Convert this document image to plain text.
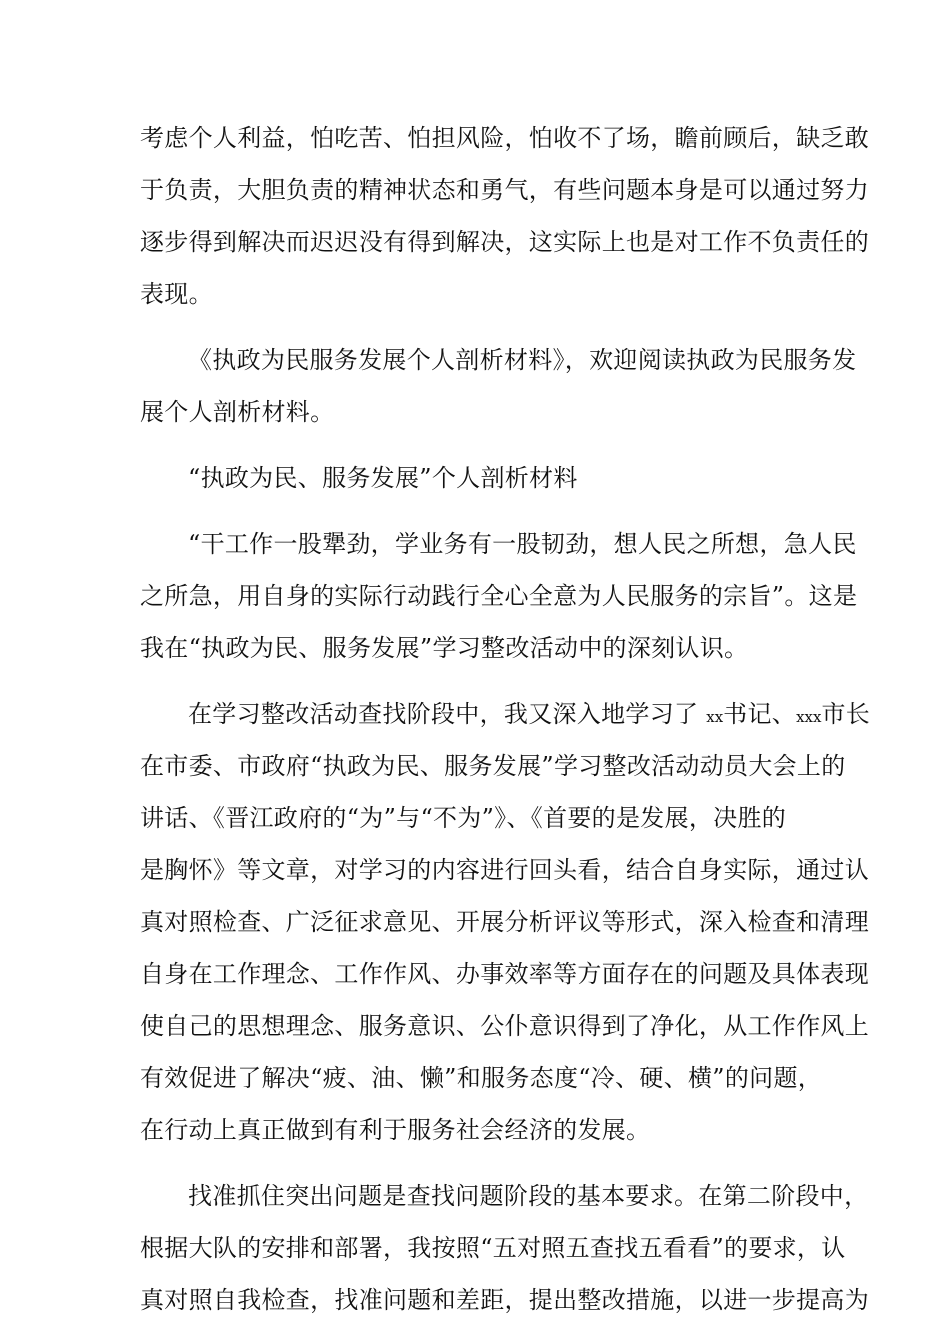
考虑个人利益，怕吃苦、怕担风险，怕收不了场，瞻前顾后，缺乏敢
于负责，大胆负责的精神状态和勇气，有些问题本身是可以通过努力
逐步得到解决而迟迟没有得到解决，这实际上也是对工作不负责任的
表现。
《执政为民服务发展个人剖析材料》，欢迎阅读执政为民服务发
展个人剖析材料。
“执政为民、服务发展”个人剖析材料
“干工作一股犟劲，学业务有一股韧劲，想人民之所想，急人民
之所急，用自身的实际行动践行全心全意为人民服务的宗旨”。这是
我在“执政为民、服务发展”学习整改活动中的深刻认识。
在学习整改活动查找阶段中，我又深入地学习了 xx书记、xxx市长
在市委、市政府“执政为民、服务发展”学习整改活动动员大会上的
讲话、《晋江政府的“为”与“不为”》、《首要的是发展，决胜的
是胸怀》等文章，对学习的内容进行回头看，结合自身实际，通过认
真对照检查、广泛征求意见、开展分析评议等形式，深入检查和清理
自身在工作理念、工作作风、办事效率等方面存在的问题及具体表现
使自己的思想理念、服务意识、公仆意识得到了净化，从工作作风上
有效促进了解决“疲、油、懒”和服务态度“冷、硬、横”的问题，
在行动上真正做到有利于服务社会经济的发展。
找准抓住突出问题是查找问题阶段的基本要求。在第二阶段中，
根据大队的安排和部署，我按照“五对照五查找五看看”的要求，认
真对照自我检查，找准问题和差距，提出整改措施，以进一步提高为
